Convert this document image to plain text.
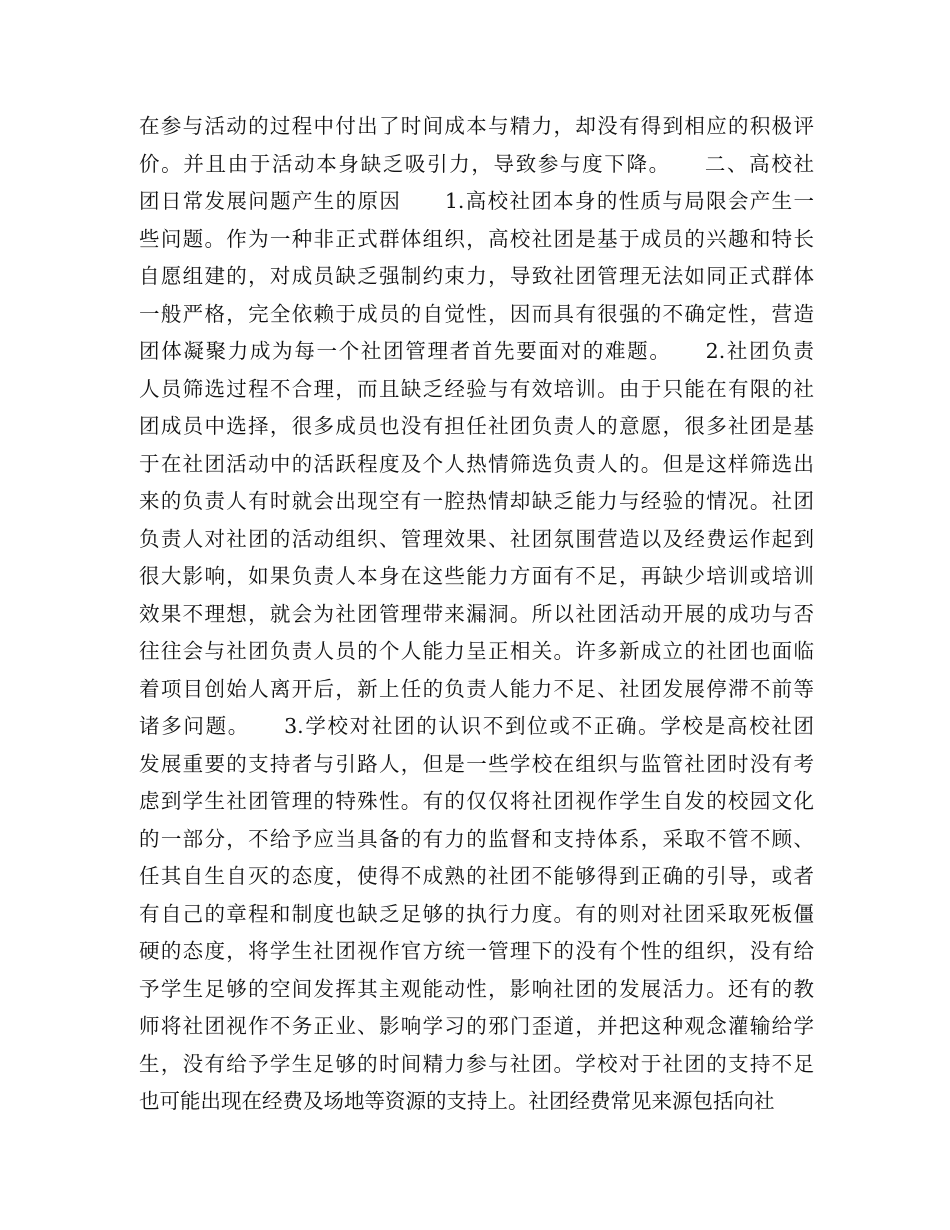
在参与活动的过程中付出了时间成本与精力，却没有得到相应的积极评
价。并且由于活动本身缺乏吸引力，导致参与度下降。　　二、高校社
团日常发展问题产生的原因　　1.高校社团本身的性质与局限会产生一
些问题。作为一种非正式群体组织，高校社团是基于成员的兴趣和特长
自愿组建的，对成员缺乏强制约束力，导致社团管理无法如同正式群体
一般严格，完全依赖于成员的自觉性，因而具有很强的不确定性，营造
团体凝聚力成为每一个社团管理者首先要面对的难题。　　2.社团负责
人员筛选过程不合理，而且缺乏经验与有效培训。由于只能在有限的社
团成员中选择，很多成员也没有担任社团负责人的意愿，很多社团是基
于在社团活动中的活跃程度及个人热情筛选负责人的。但是这样筛选出
来的负责人有时就会出现空有一腔热情却缺乏能力与经验的情况。社团
负责人对社团的活动组织、管理效果、社团氛围营造以及经费运作起到
很大影响，如果负责人本身在这些能力方面有不足，再缺少培训或培训
效果不理想，就会为社团管理带来漏洞。所以社团活动开展的成功与否
往往会与社团负责人员的个人能力呈正相关。许多新成立的社团也面临
着项目创始人离开后，新上任的负责人能力不足、社团发展停滞不前等
诸多问题。　　3.学校对社团的认识不到位或不正确。学校是高校社团
发展重要的支持者与引路人，但是一些学校在组织与监管社团时没有考
虑到学生社团管理的特殊性。有的仅仅将社团视作学生自发的校园文化
的一部分，不给予应当具备的有力的监督和支持体系，采取不管不顾、
任其自生自灭的态度，使得不成熟的社团不能够得到正确的引导，或者
有自己的章程和制度也缺乏足够的执行力度。有的则对社团采取死板僵
硬的态度，将学生社团视作官方统一管理下的没有个性的组织，没有给
予学生足够的空间发挥其主观能动性，影响社团的发展活力。还有的教
师将社团视作不务正业、影响学习的邪门歪道，并把这种观念灌输给学
生，没有给予学生足够的时间精力参与社团。学校对于社团的支持不足
也可能出现在经费及场地等资源的支持上。社团经费常见来源包括向社
